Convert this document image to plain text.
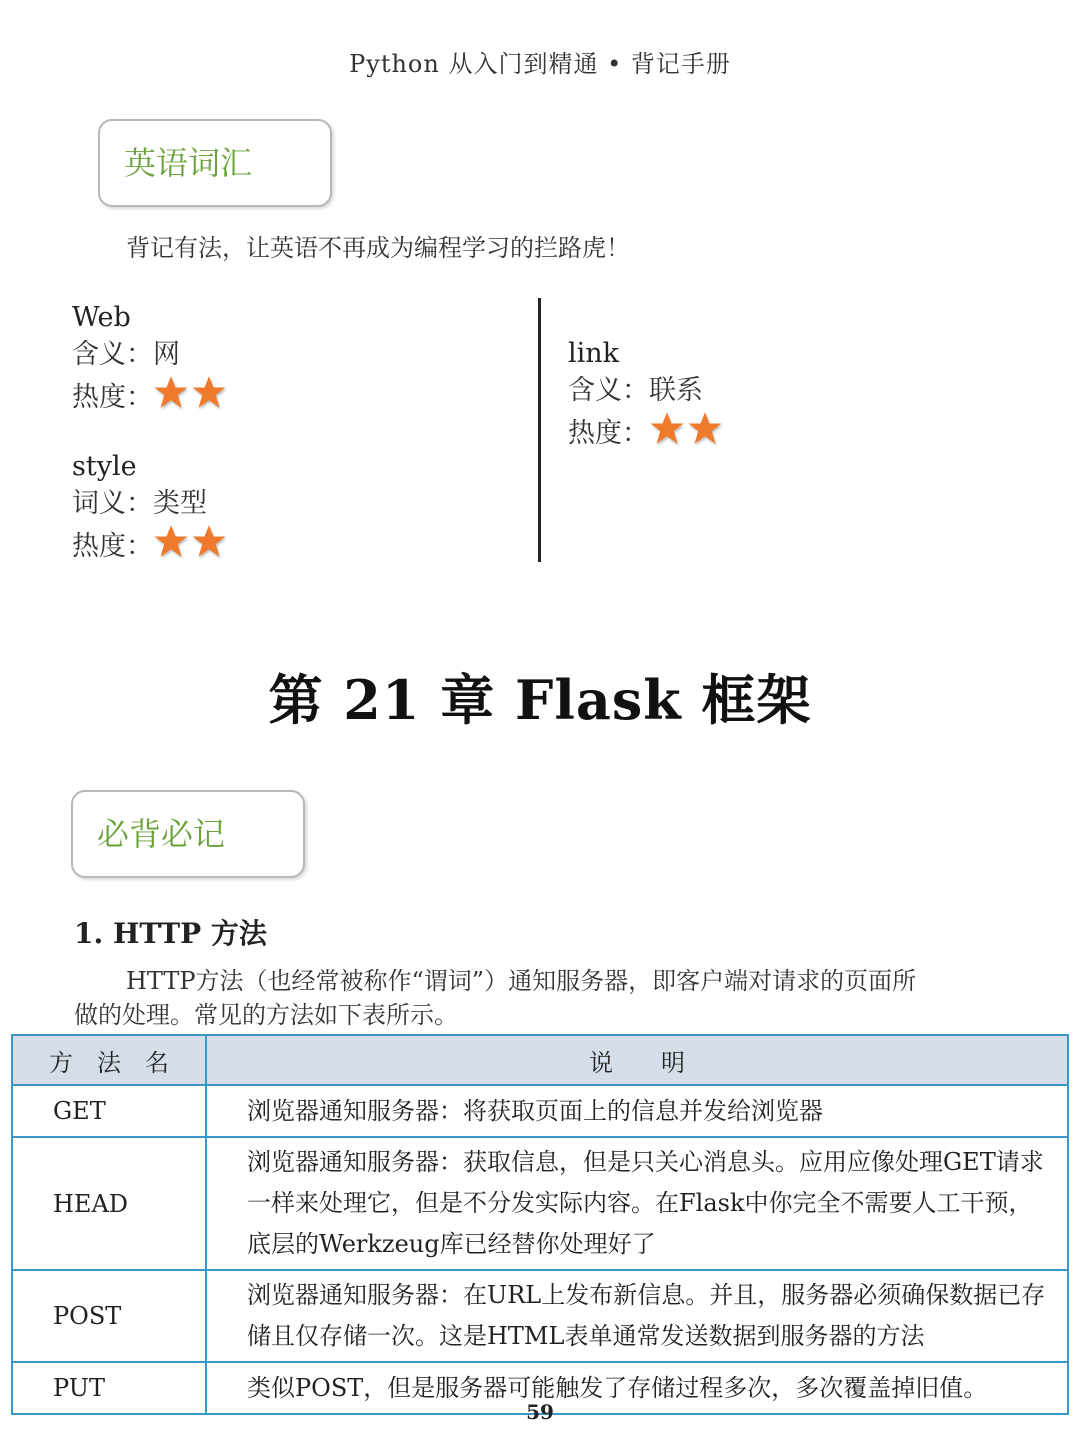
Python 从入门到精通 • 背记手册
英语词汇
背记有法，让英语不再成为编程学习的拦路虎！
Web
含义： 网
热度：
style
词义： 类型
热度：
link
含义： 联系
热度：
第 21 章 Flask 框架
必背必记
1. HTTP 方法
HTTP方法（也经常被称作“谓词”）通知服务器，即客户端对请求的页面所
做的处理。常见的方法如下表所示。
方　法　名	说　　明
GET	浏览器通知服务器：将获取页面上的信息并发给浏览器
HEAD	浏览器通知服务器：获取信息，但是只关心消息头。应用应像处理GET请求一样来处理它，但是不分发实际内容。在Flask中你完全不需要人工干预，底层的Werkzeug库已经替你处理好了
POST	浏览器通知服务器：在URL上发布新信息。并且，服务器必须确保数据已存储且仅存储一次。这是HTML表单通常发送数据到服务器的方法
PUT	类似POST，但是服务器可能触发了存储过程多次，多次覆盖掉旧值。
59
